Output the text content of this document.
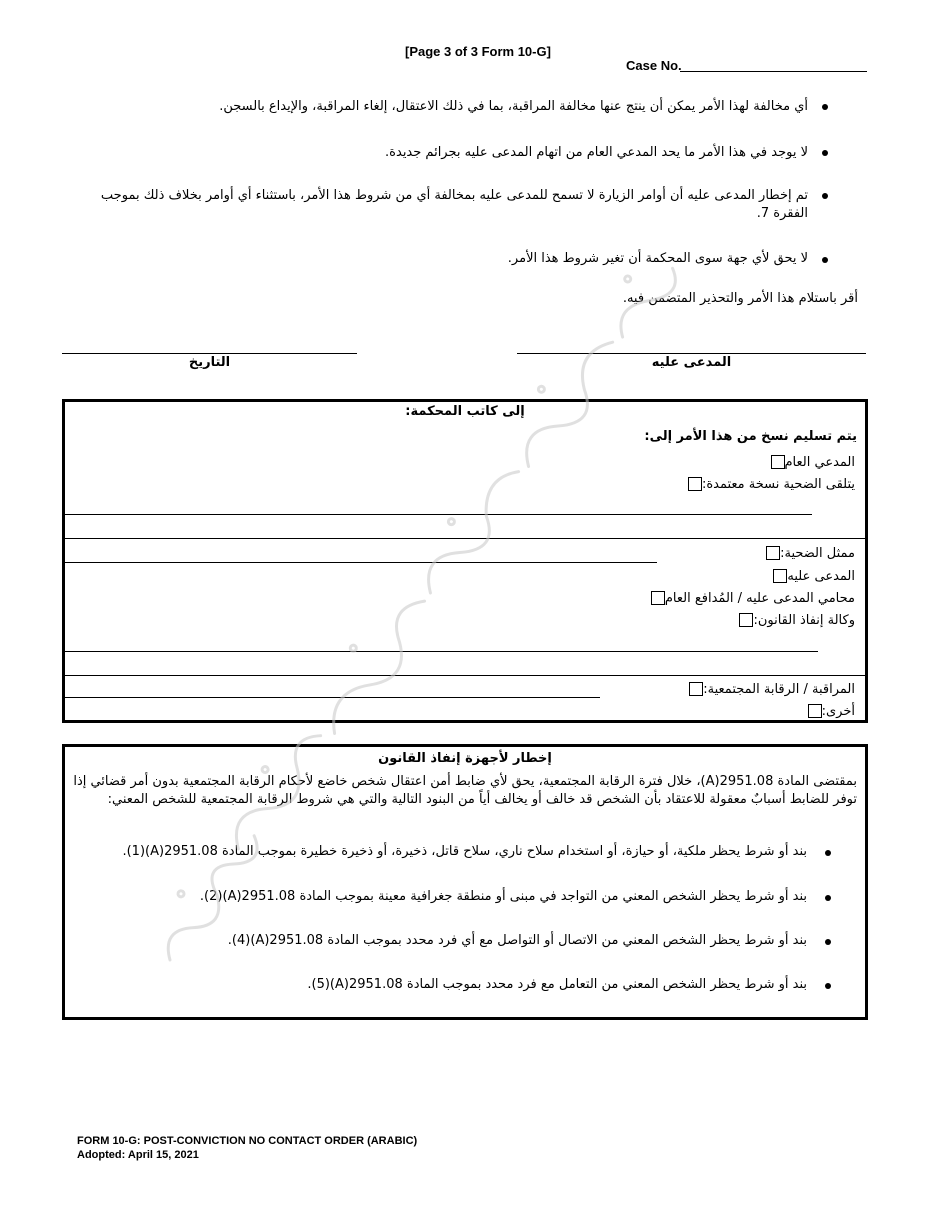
[Page 3 of 3 Form 10-G]
Case No.
أي مخالفة لهذا الأمر يمكن أن ينتج عنها مخالفة المراقبة، بما في ذلك الاعتقال، إلغاء المراقبة، والإيداع بالسجن.
لا يوجد في هذا الأمر ما يحد المدعي العام من اتهام المدعى عليه بجرائم جديدة.
تم إخطار المدعى عليه أن أوامر الزيارة لا تسمح للمدعى عليه بمخالفة أي من شروط هذا الأمر، باستثناء أي أوامر بخلاف ذلك بموجب الفقرة 7.
لا يحق لأي جهة سوى المحكمة أن تغير شروط هذا الأمر.
أقر باستلام هذا الأمر والتحذير المتضمن فيه.
التاريخ	المدعى عليه
إلى كاتب المحكمة:
يتم تسليم نسخ من هذا الأمر إلى:
المدعي العام
يتلقى الضحية نسخة معتمدة:
ممثل الضحية:
المدعى عليه
محامي المدعى عليه / المُدافع العام
وكالة إنفاذ القانون:
المراقبة / الرقابة المجتمعية:
أخرى:
إخطار لأجهزة إنفاذ القانون
بمقتضى المادة 2951.08(A)، خلال فترة الرقابة المجتمعية، يحق لأي ضابط أمن اعتقال شخص خاضع لأحكام الرقابة المجتمعية بدون أمر قضائي إذا توفر للضابط أسبابٌ معقولة للاعتقاد بأن الشخص قد خالف أو يخالف أياً من البنود التالية والتي هي شروط الرقابة المجتمعية للشخص المعني:
بند أو شرط يحظر ملكية، أو حيازة، أو استخدام سلاح ناري، سلاح قاتل، ذخيرة، أو ذخيرة خطيرة بموجب المادة 2951.08(A)(1).
بند أو شرط يحظر الشخص المعني من التواجد في مبنى أو منطقة جغرافية معينة بموجب المادة 2951.08(A)(2).
بند أو شرط يحظر الشخص المعني من الاتصال أو التواصل مع أي فرد محدد بموجب المادة 2951.08(A)(4).
بند أو شرط يحظر الشخص المعني من التعامل مع فرد محدد بموجب المادة 2951.08(A)(5).
FORM 10-G: POST-CONVICTION NO CONTACT ORDER (ARABIC)
Adopted: April 15, 2021
